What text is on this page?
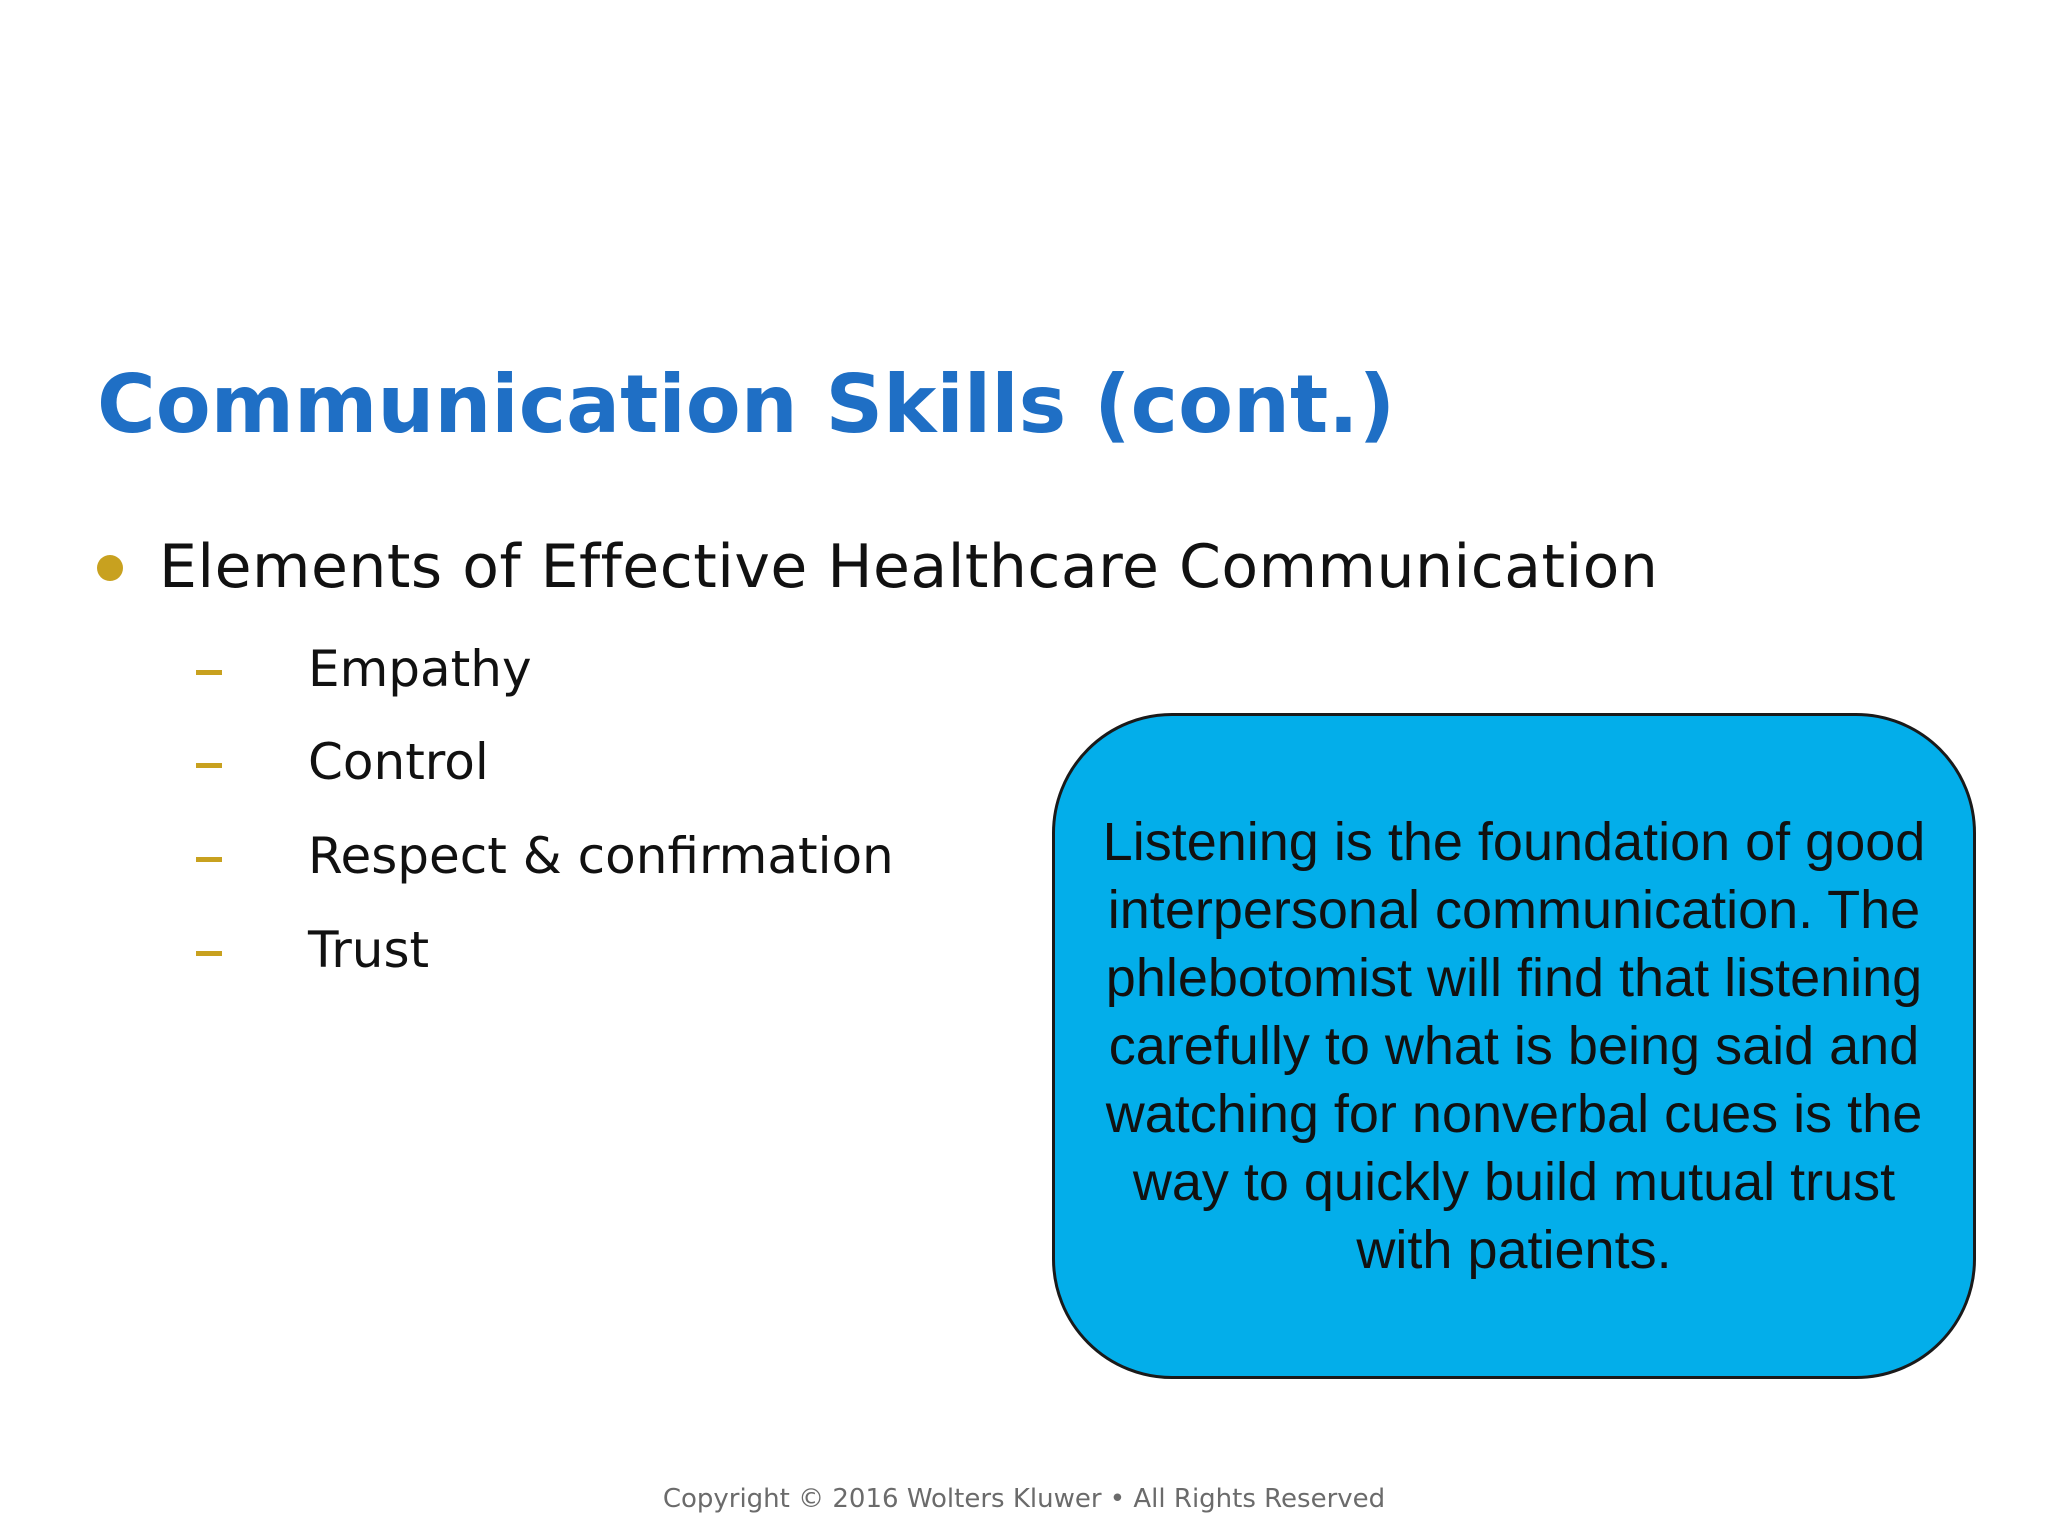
Communication Skills (cont.)
Elements of Effective Healthcare Communication
Empathy
Control
Respect & confirmation
Trust

Listening is the foundation of good interpersonal communication. The phlebotomist will find that listening carefully to what is being said and watching for nonverbal cues is the way to quickly build mutual trust with patients.

Copyright © 2016 Wolters Kluwer • All Rights Reserved
